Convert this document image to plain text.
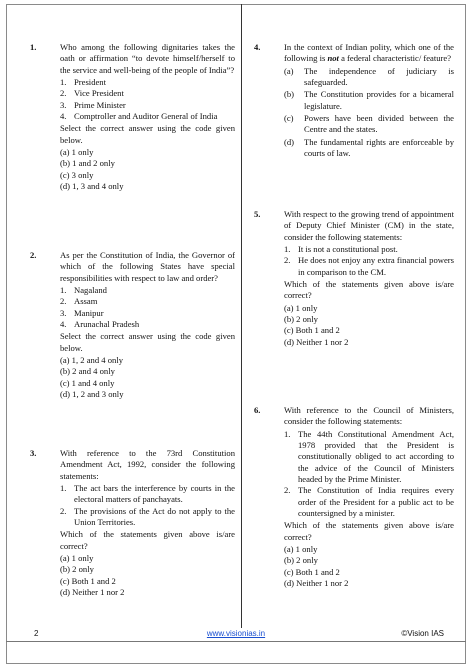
1.	Who among the following dignitaries takes the oath or affirmation “to devote himself/herself to the service and well-being of the people of India”?

1. President
2. Vice President
3. Prime Minister
4. Comptroller and Auditor General of India

Select the correct answer using the code given below.

(a) 1 only
(b) 1 and 2 only
(c) 3 only
(d) 1, 3 and 4 only
2.	As per the Constitution of India, the Governor of which of the following States have special responsibilities with respect to law and order?

1. Nagaland
2. Assam
3. Manipur
4. Arunachal Pradesh

Select the correct answer using the code given below.

(a) 1, 2 and 4 only
(b) 2 and 4 only
(c) 1 and 4 only
(d) 1, 2 and 3 only
3.	With reference to the 73rd Constitution Amendment Act, 1992, consider the following statements:

1. The act bars the interference by courts in the electoral matters of panchayats.
2. The provisions of the Act do not apply to the Union Territories.

Which of the statements given above is/are correct?

(a) 1 only
(b) 2 only
(c) Both 1 and 2
(d) Neither 1 nor 2
4.	In the context of Indian polity, which one of the following is not a federal characteristic/ feature?

(a) The independence of judiciary is safeguarded.
(b) The Constitution provides for a bicameral legislature.
(c) Powers have been divided between the Centre and the states.
(d) The fundamental rights are enforceable by courts of law.
5.	With respect to the growing trend of appointment of Deputy Chief Minister (CM) in the state, consider the following statements:

1. It is not a constitutional post.
2. He does not enjoy any extra financial powers in comparison to the CM.

Which of the statements given above is/are correct?

(a) 1 only
(b) 2 only
(c) Both 1 and 2
(d) Neither 1 nor 2
6.	With reference to the Council of Ministers, consider the following statements:

1. The 44th Constitutional Amendment Act, 1978 provided that the President is constitutionally obliged to act according to the advice of the Council of Ministers headed by the Prime Minister.
2. The Constitution of India requires every order of the President for a public act to be countersigned by a minister.

Which of the statements given above is/are correct?

(a) 1 only
(b) 2 only
(c) Both 1 and 2
(d) Neither 1 nor 2
2	www.visionias.in	©Vision IAS
